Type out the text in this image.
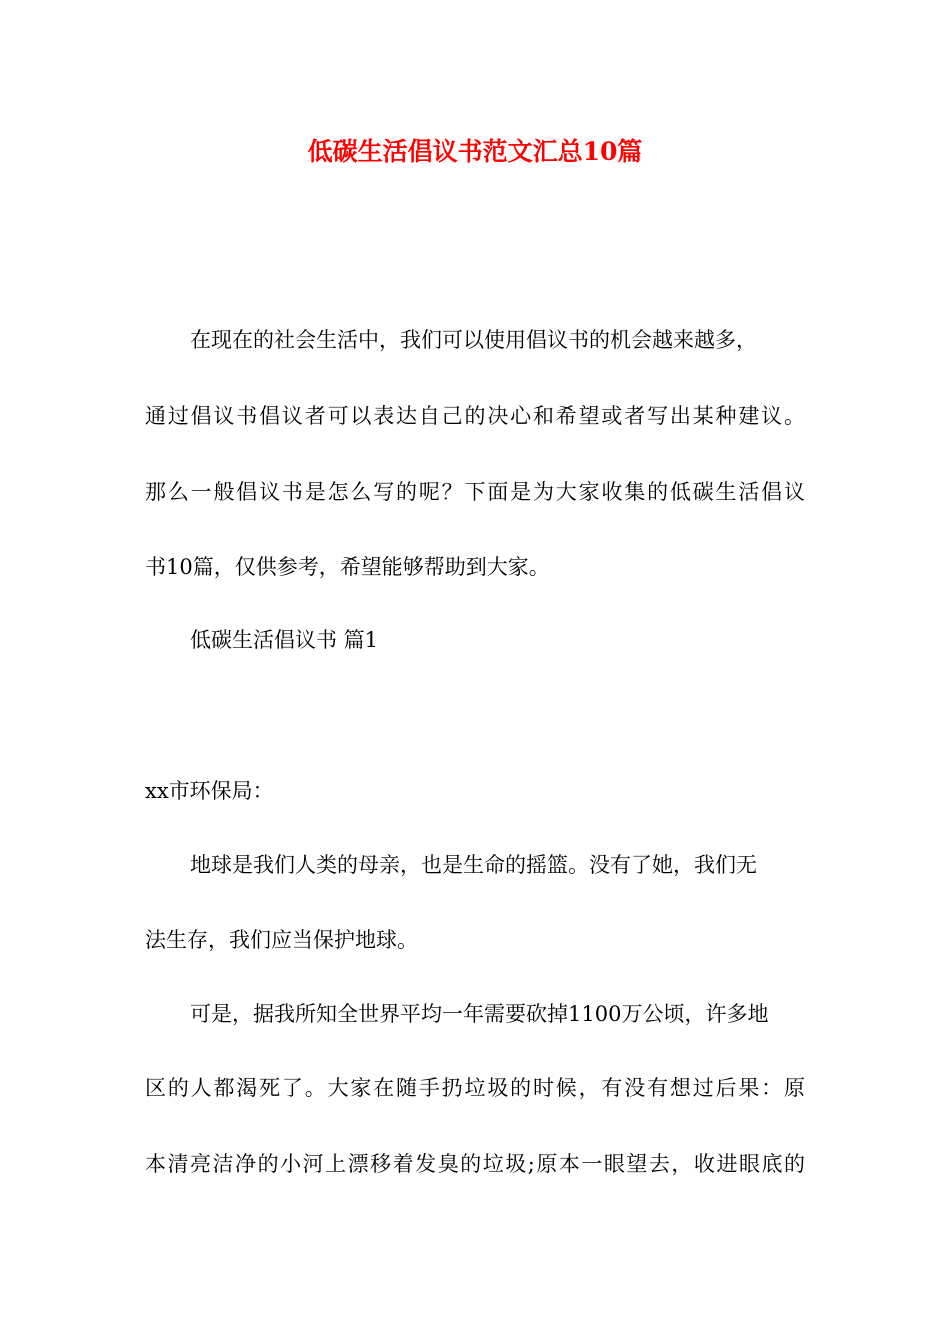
低碳生活倡议书范文汇总10篇

在现在的社会生活中，我们可以使用倡议书的机会越来越多，

通过倡议书倡议者可以表达自己的决心和希望或者写出某种建议。

那么一般倡议书是怎么写的呢？下面是为大家收集的低碳生活倡议

书10篇，仅供参考，希望能够帮助到大家。

低碳生活倡议书 篇1

xx市环保局：

地球是我们人类的母亲，也是生命的摇篮。没有了她，我们无

法生存，我们应当保护地球。

可是，据我所知全世界平均一年需要砍掉1100万公顷，许多地

区的人都渴死了。大家在随手扔垃圾的时候，有没有想过后果：原

本清亮洁净的小河上漂移着发臭的垃圾;原本一眼望去，收进眼底的
